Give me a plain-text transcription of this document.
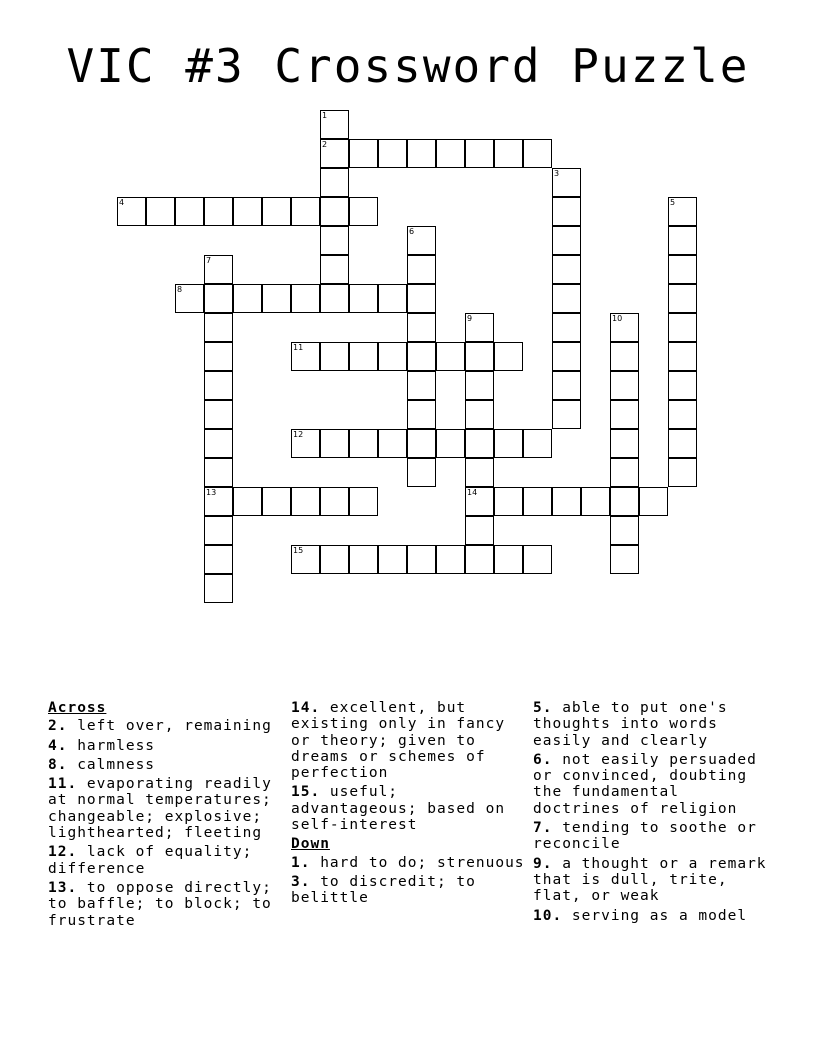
VIC #3 Crossword Puzzle
1
2
3
4	5
6
7
13
8
9
14
10
11
12
15
Across
2. left over, remaining
4. harmless
8. calmness
11. evaporating readily at normal temperatures; changeable; explosive; lighthearted; fleeting
12. lack of equality; difference
13. to oppose directly; to baffle; to block; to frustrate
14. excellent, but existing only in fancy or theory; given to dreams or schemes of perfection
15. useful; advantageous; based on self-interest
Down
1. hard to do; strenuous
3. to discredit; to belittle
5. able to put one's thoughts into words easily and clearly
6. not easily persuaded or convinced, doubting the fundamental doctrines of religion
7. tending to soothe or reconcile
9. a thought or a remark that is dull, trite, flat, or weak
10. serving as a model
